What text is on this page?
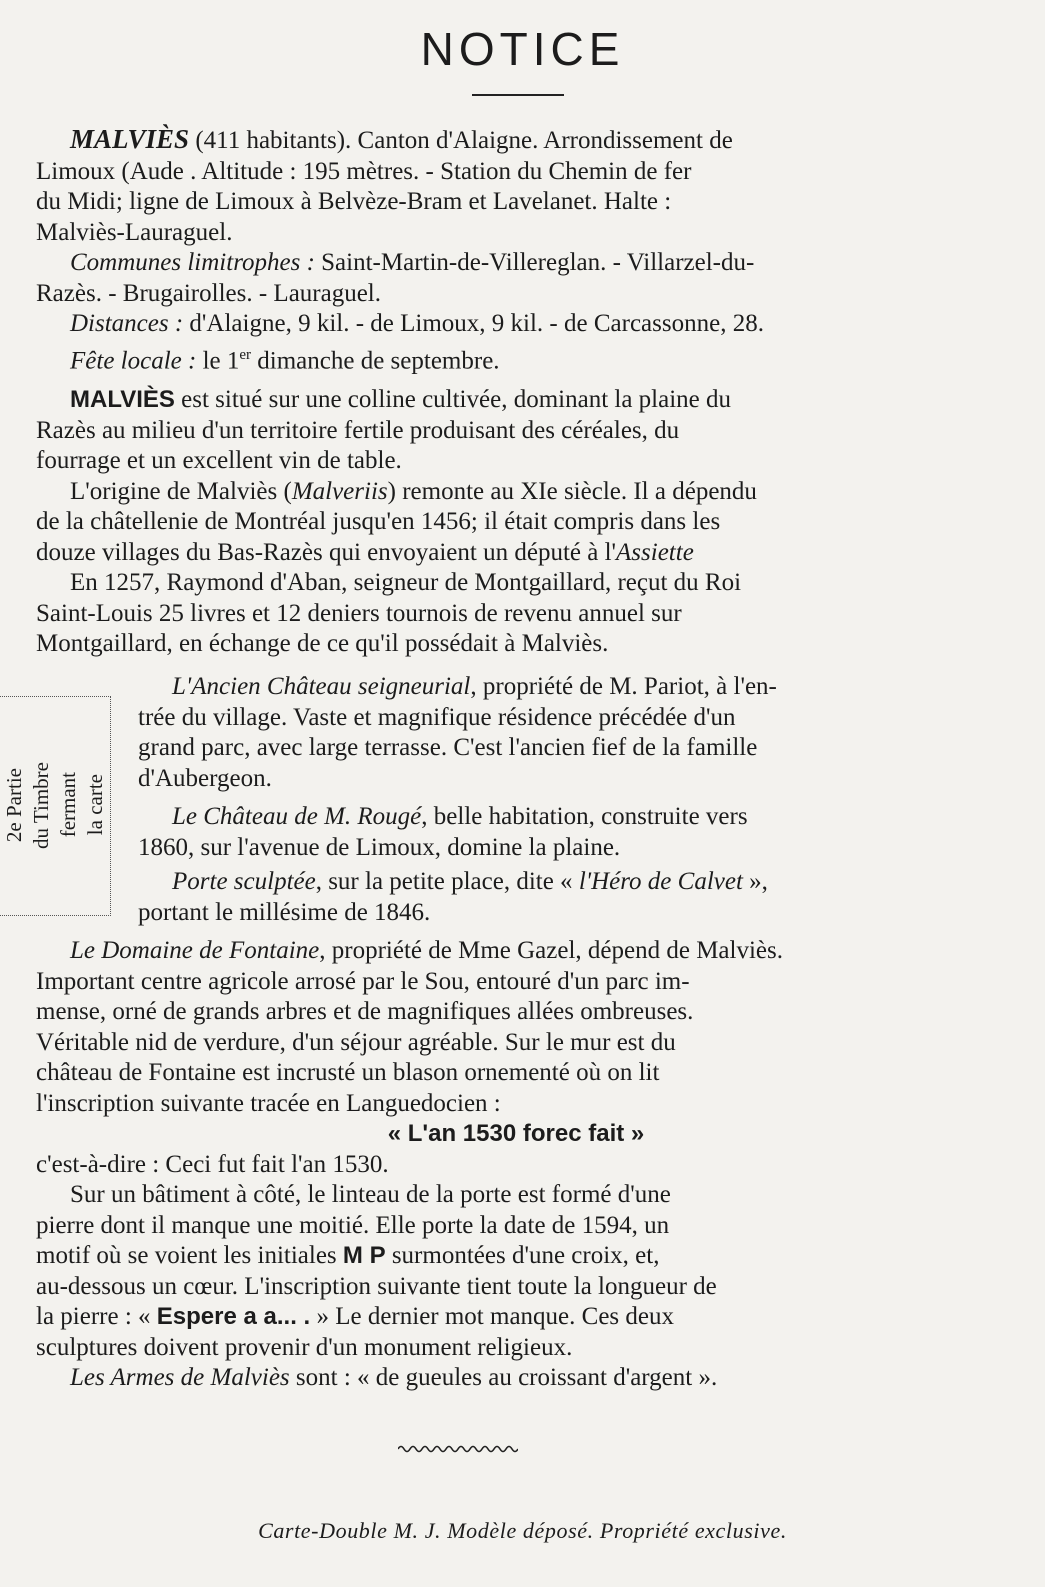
NOTICE

MALVIÈS (411 habitants). Canton d'Alaigne. Arrondissement de

Limoux (Aude . Altitude : 195 mètres. - Station du Chemin de fer

du Midi; ligne de Limoux à Belvèze-Bram et Lavelanet. Halte :

Malviès-Lauraguel.

Communes limitrophes : Saint-Martin-de-Villereglan. - Villarzel-du-

Razès. - Brugairolles. - Lauraguel.

Distances : d'Alaigne, 9 kil. - de Limoux, 9 kil. - de Carcassonne, 28.

Fête locale : le 1er dimanche de septembre.

MALVIÈS est situé sur une colline cultivée, dominant la plaine du

Razès au milieu d'un territoire fertile produisant des céréales, du

fourrage et un excellent vin de table.

L'origine de Malviès (Malveriis) remonte au XIe siècle. Il a dépendu

de la châtellenie de Montréal jusqu'en 1456; il était compris dans les

douze villages du Bas-Razès qui envoyaient un député à l'Assiette

En 1257, Raymond d'Aban, seigneur de Montgaillard, reçut du Roi

Saint-Louis 25 livres et 12 deniers tournois de revenu annuel sur

Montgaillard, en échange de ce qu'il possédait à Malviès.

2e Partie du Timbre fermant la carte

L'Ancien Château seigneurial, propriété de M. Pariot, à l'en-

trée du village. Vaste et magnifique résidence précédée d'un

grand parc, avec large terrasse. C'est l'ancien fief de la famille

d'Aubergeon.

Le Château de M. Rougé, belle habitation, construite vers

1860, sur l'avenue de Limoux, domine la plaine.

Porte sculptée, sur la petite place, dite « l'Héro de Calvet »,

portant le millésime de 1846.

Le Domaine de Fontaine, propriété de Mme Gazel, dépend de Malviès.

Important centre agricole arrosé par le Sou, entouré d'un parc im-

mense, orné de grands arbres et de magnifiques allées ombreuses.

Véritable nid de verdure, d'un séjour agréable. Sur le mur est du

château de Fontaine est incrusté un blason ornementé où on lit

l'inscription suivante tracée en Languedocien :

« L'an 1530 forec fait »

c'est-à-dire : Ceci fut fait l'an 1530.

Sur un bâtiment à côté, le linteau de la porte est formé d'une

pierre dont il manque une moitié. Elle porte la date de 1594, un

motif où se voient les initiales M P surmontées d'une croix, et,

au-dessous un cœur. L'inscription suivante tient toute la longueur de

la pierre : « Espere a a... . » Le dernier mot manque. Ces deux

sculptures doivent provenir d'un monument religieux.

Les Armes de Malviès sont : « de gueules au croissant d'argent ».

Carte-Double M. J. Modèle déposé. Propriété exclusive.
